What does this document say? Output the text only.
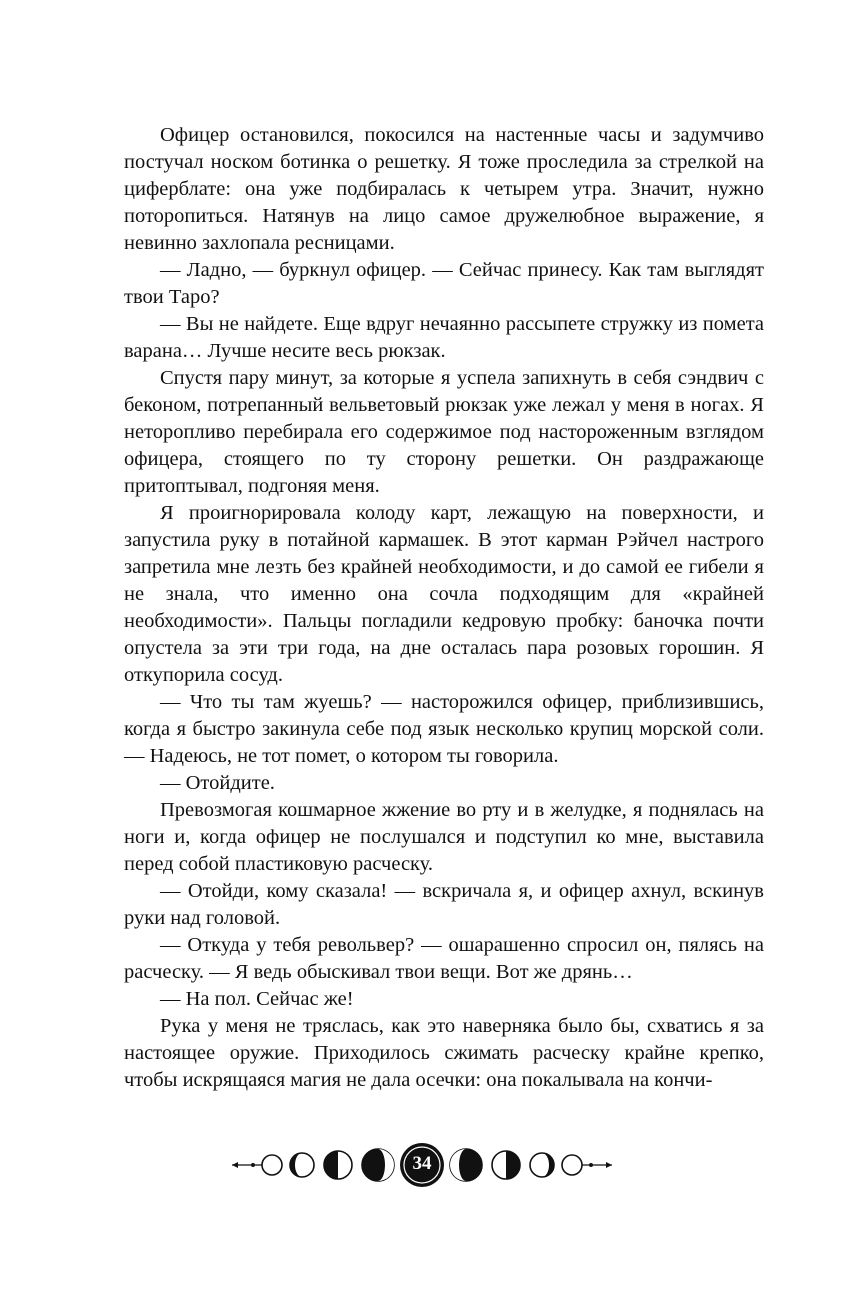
Офицер остановился, покосился на настенные часы и задумчиво постучал носком ботинка о решетку. Я тоже проследила за стрелкой на циферблате: она уже подбиралась к четырем утра. Значит, нужно поторопиться. Натянув на лицо самое дружелюбное выражение, я невинно захлопала ресницами.

— Ладно, — буркнул офицер. — Сейчас принесу. Как там выглядят твои Таро?

— Вы не найдете. Еще вдруг нечаянно рассыпете стружку из помета варана… Лучше несите весь рюкзак.

Спустя пару минут, за которые я успела запихнуть в себя сэндвич с беконом, потрепанный вельветовый рюкзак уже лежал у меня в ногах. Я неторопливо перебирала его содержимое под настороженным взглядом офицера, стоящего по ту сторону решетки. Он раздражающе притоптывал, подгоняя меня.

Я проигнорировала колоду карт, лежащую на поверхности, и запустила руку в потайной кармашек. В этот карман Рэйчел настрого запретила мне лезть без крайней необходимости, и до самой ее гибели я не знала, что именно она сочла подходящим для «крайней необходимости». Пальцы погладили кедровую пробку: баночка почти опустела за эти три года, на дне осталась пара розовых горошин. Я откупорила сосуд.

— Что ты там жуешь? — насторожился офицер, приблизившись, когда я быстро закинула себе под язык несколько крупиц морской соли. — Надеюсь, не тот помет, о котором ты говорила.

— Отойдите.

Превозмогая кошмарное жжение во рту и в желудке, я поднялась на ноги и, когда офицер не послушался и подступил ко мне, выставила перед собой пластиковую расческу.

— Отойди, кому сказала! — вскричала я, и офицер ахнул, вскинув руки над головой.

— Откуда у тебя револьвер? — ошарашенно спросил он, пялясь на расческу. — Я ведь обыскивал твои вещи. Вот же дрянь…

— На пол. Сейчас же!

Рука у меня не тряслась, как это наверняка было бы, схватись я за настоящее оружие. Приходилось сжимать расческу крайне крепко, чтобы искрящаяся магия не дала осечки: она покалывала на кончи-

34
